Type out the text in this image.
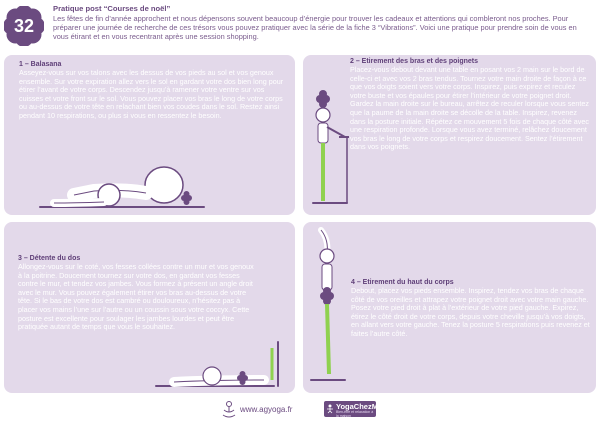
32
Pratique post “Courses de noël”
Les fêtes de fin d’année approchent et nous dépensons souvent beaucoup d’énergie pour trouver les cadeaux et attentions qui combleront nos proches. Pour préparer une journée de recherche de ces trésors vous pouvez pratiquer avec la série de la fiche 3 “Vibrations”. Voici une pratique pour prendre soin de vous en vous étirant et en vous recentrant après une session shopping.
1 – Balasana
Asseyez-vous sur vos talons avec les dessus de vos pieds au sol et vos genoux ensemble. Sur votre expiration allez vers le sol en gardant votre dos bien long pour étirer l’avant de votre corps. Descendez jusqu’à ramener votre ventre sur vos cuisses et votre front sur le sol. Vous pouvez placer vos bras le long de votre corps ou au-dessus de votre tête en relachant bien vos coudes dans le sol. Restez ainsi pendant 10 respirations, ou plus si vous en ressentez le besoin.
2 – Etirement des bras et des poignets
Placez-vous debout devant une table en posant vos 2 main sur le bord de celle-ci et avec vos 2 bras tendus. Tournez votre main droite de façon à ce que vos doigts soient vers votre corps. Inspirez, puis expirez et reculez votre buste et vos épaules pour étirer l’intérieur de votre poignet droit. Gardez la main droite sur le bureau, arrêtez de reculer lorsque vous sentez que la paume de la main droite se décolle de la table. Inspirez, revenez dans la posture initiale. Répétez ce mouvement 5 fois de chaque côté avec une respiration profonde. Lorsque vous avez terminé, relâchez doucement vos bras le long de votre corps et respirez doucement. Sentez l’étirement dans vos poignets.
3 – Détente du dos
Allongez-vous sur le coté, vos fesses collées contre un mur et vos genoux à la poitrine. Doucement tournez sur votre dos, en gardant vos fesses contre le mur, et tendez vos jambes. Vous formez à présent un angle droit avec le mur. Vous pouvez également étirer vos bras au-dessus de votre tête. Si le bas de votre dos est cambré ou douloureux, n’hésitez pas à placer vos mains l’une sur l’autre ou un coussin sous votre coccyx. Cette posture est excellente pour soulager les jambes lourdes et peut être pratiquée autant de temps que vous le souhaitez.
4 – Etirement du haut du corps
Debout, placez vos pieds ensemble. Inspirez, tendez vos bras de chaque côté de vos oreilles et attrapez votre poignet droit avec votre main gauche. Posez votre pied droit à plat à l’extérieur de votre pied gauche. Expirez, étirez le côté droit de votre corps, depuis votre cheville jusqu’à vos doigts, en allant vers votre gauche. Tenez la posture 5 respirations puis revenez et faites l’autre côté.
www.agyoga.fr	YogaChezMoi
Bien-être et relaxation à la maison
